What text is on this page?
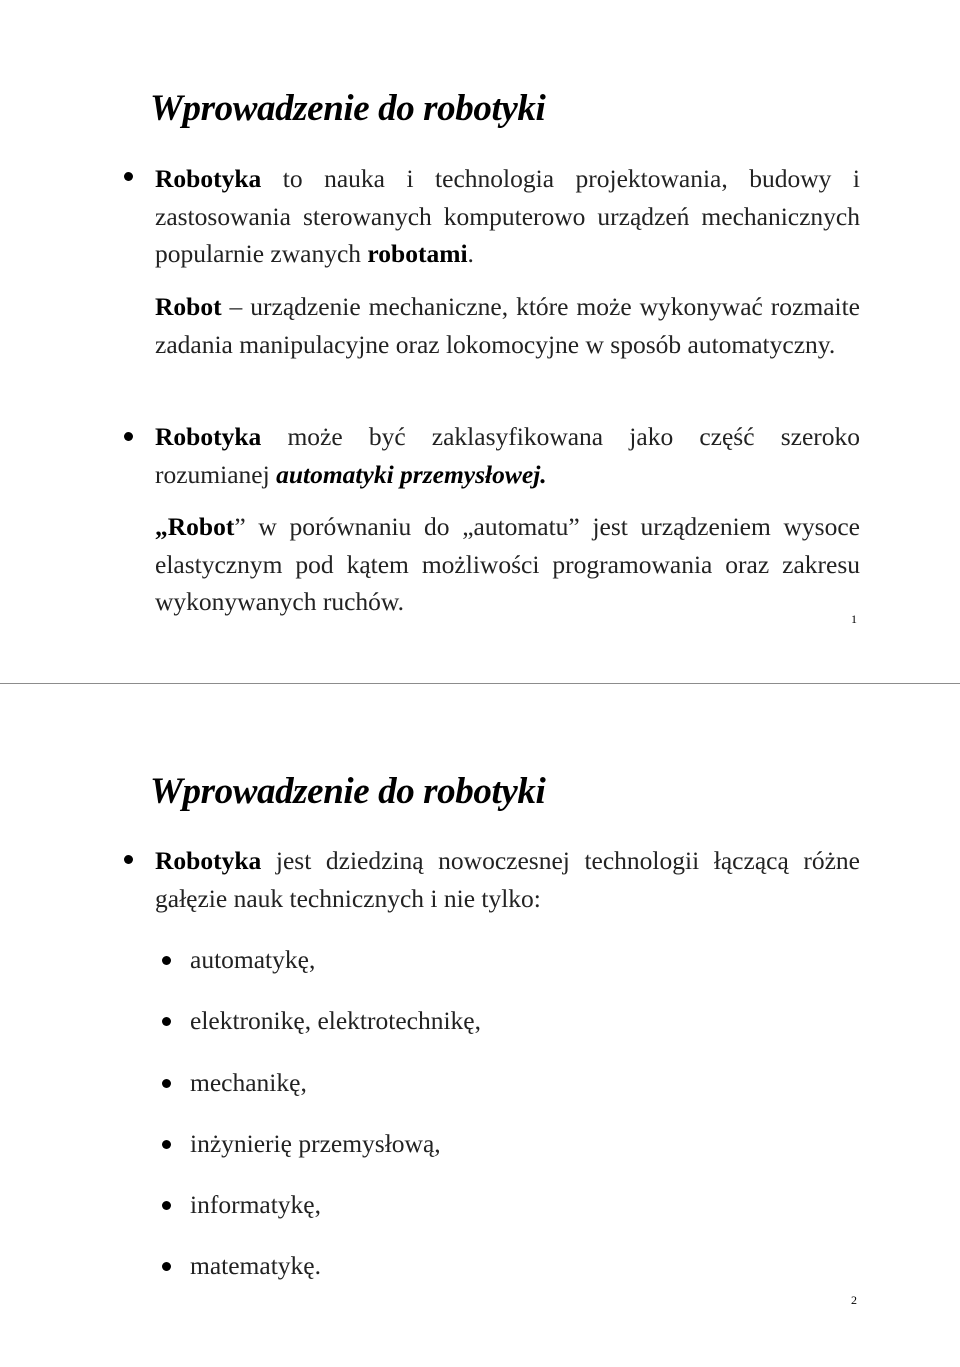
Wprowadzenie do robotyki

Robotyka to nauka i technologia projektowania, budowy i zastosowania sterowanych komputerowo urządzeń mechanicznych popularnie zwanych robotami.

Robot – urządzenie mechaniczne, które może wykonywać rozmaite zadania manipulacyjne oraz lokomocyjne w sposób automatyczny.

Robotyka może być zaklasyfikowana jako część szeroko rozumianej automatyki przemysłowej.

„Robot” w porównaniu do „automatu” jest urządzeniem wysoce elastycznym pod kątem możliwości programowania oraz zakresu wykonywanych ruchów.

1
Wprowadzenie do robotyki

Robotyka jest dziedziną nowoczesnej technologii łączącą różne gałęzie nauk technicznych i nie tylko:

automatykę,

elektronikę, elektrotechnikę,

mechanikę,

inżynierię przemysłową,

informatykę,

matematykę.

2
